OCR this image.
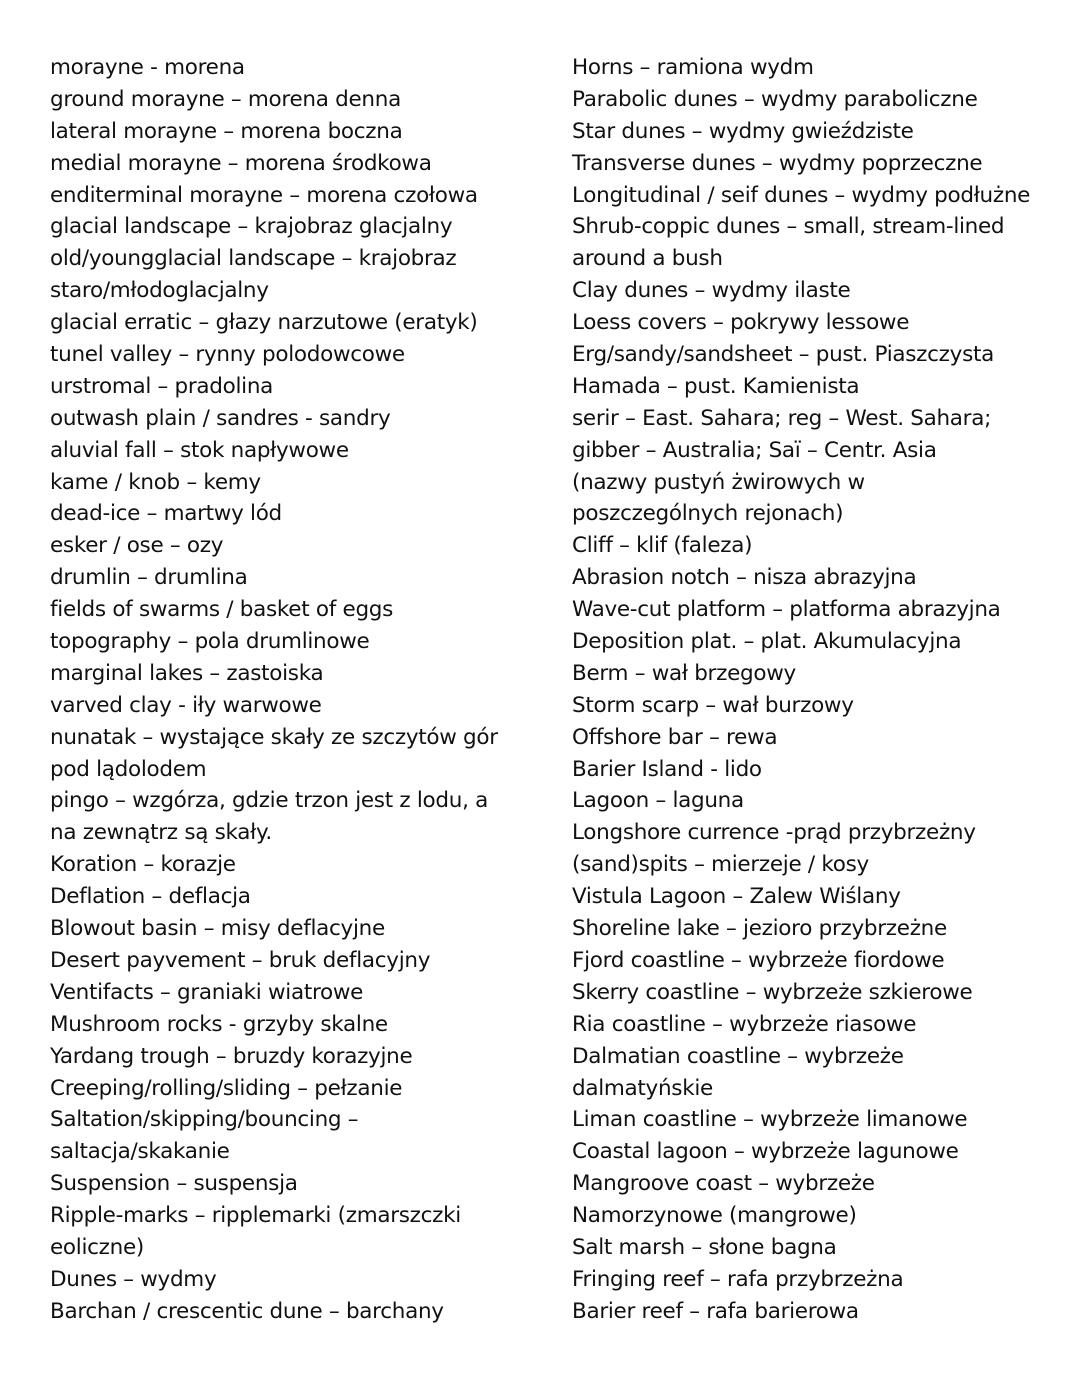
morayne - morena
ground morayne – morena denna
lateral morayne – morena boczna
medial morayne – morena środkowa
enditerminal morayne – morena czołowa
glacial landscape – krajobraz glacjalny
old/youngglacial landscape – krajobraz
staro/młodoglacjalny
glacial erratic – głazy narzutowe (eratyk)
tunel valley – rynny polodowcowe
urstromal – pradolina
outwash plain / sandres - sandry
aluvial fall – stok napływowe
kame / knob – kemy
dead-ice – martwy lód
esker / ose – ozy
drumlin – drumlina
fields of swarms / basket of eggs
topography – pola drumlinowe
marginal lakes – zastoiska
varved clay - iły warwowe
nunatak – wystające skały ze szczytów gór
pod lądolodem
pingo – wzgórza, gdzie trzon jest z lodu, a
na zewnątrz są skały.
Koration – korazje
Deflation – deflacja
Blowout basin – misy deflacyjne
Desert payvement – bruk deflacyjny
Ventifacts – graniaki wiatrowe
Mushroom rocks - grzyby skalne
Yardang trough – bruzdy korazyjne
Creeping/rolling/sliding – pełzanie
Saltation/skipping/bouncing –
saltacja/skakanie
Suspension – suspensja
Ripple-marks – ripplemarki (zmarszczki
eoliczne)
Dunes – wydmy
Barchan / crescentic dune – barchany
Horns – ramiona wydm
Parabolic dunes – wydmy paraboliczne
Star dunes – wydmy gwieździste
Transverse dunes – wydmy poprzeczne
Longitudinal / seif dunes – wydmy podłużne
Shrub-coppic dunes – small, stream-lined
around a bush
Clay dunes – wydmy ilaste
Loess covers – pokrywy lessowe
Erg/sandy/sandsheet – pust. Piaszczysta
Hamada – pust. Kamienista
serir – East. Sahara; reg – West. Sahara;
gibber – Australia; Saï – Centr. Asia
(nazwy pustyń żwirowych w
poszczególnych rejonach)
Cliff – klif (faleza)
Abrasion notch – nisza abrazyjna
Wave-cut platform – platforma abrazyjna
Deposition plat. – plat. Akumulacyjna
Berm – wał brzegowy
Storm scarp – wał burzowy
Offshore bar – rewa
Barier Island - lido
Lagoon – laguna
Longshore currence -prąd przybrzeżny
(sand)spits – mierzeje / kosy
Vistula Lagoon – Zalew Wiślany
Shoreline lake – jezioro przybrzeżne
Fjord coastline – wybrzeże fiordowe
Skerry coastline – wybrzeże szkierowe
Ria coastline – wybrzeże riasowe
Dalmatian coastline – wybrzeże
dalmatyńskie
Liman coastline – wybrzeże limanowe
Coastal lagoon – wybrzeże lagunowe
Mangroove coast – wybrzeże
Namorzynowe (mangrowe)
Salt marsh – słone bagna
Fringing reef – rafa przybrzeżna
Barier reef – rafa barierowa
